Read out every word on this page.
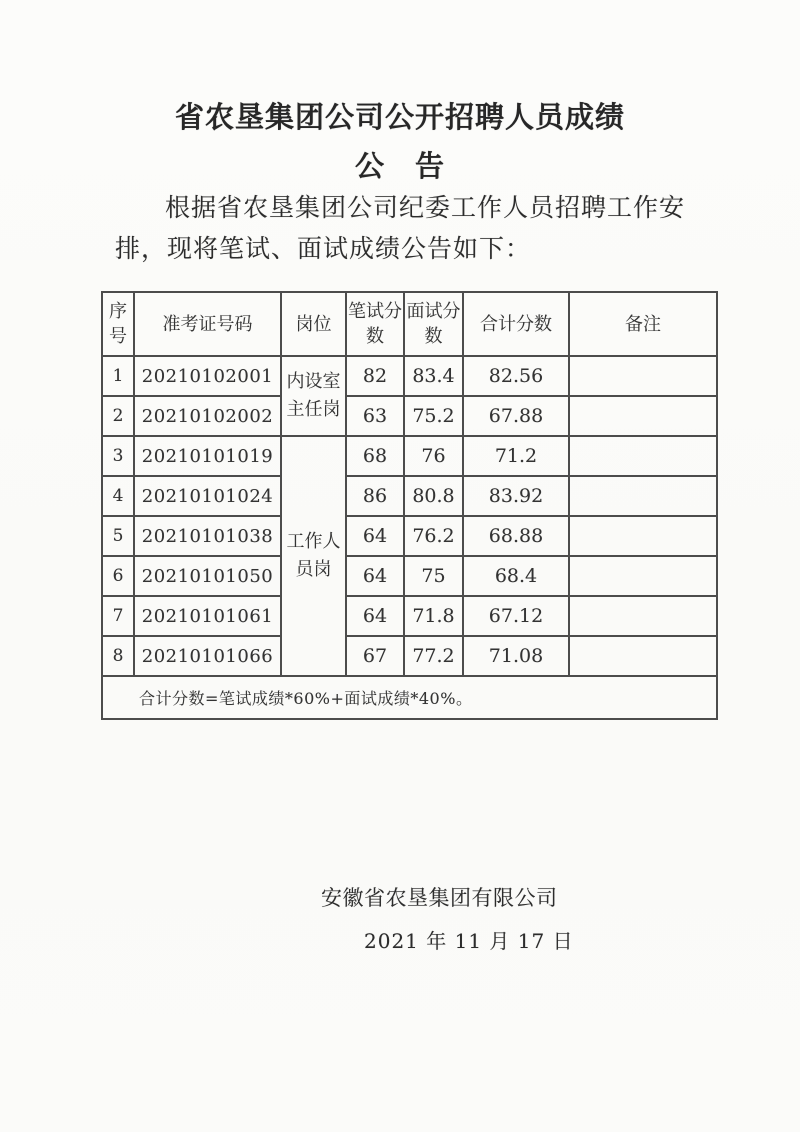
省农垦集团公司公开招聘人员成绩
公　告
根据省农垦集团公司纪委工作人员招聘工作安
排，现将笔试、面试成绩公告如下：
序号	准考证号码	岗位	笔试分数	面试分数	合计分数	备注
1	20210102001	内设室主任岗	82	83.4	82.56	
2	20210102002		63	75.2	67.88	
3	20210101019	工作人员岗	68	76	71.2	
4	20210101024		86	80.8	83.92	
5	20210101038		64	76.2	68.88	
6	20210101050		64	75	68.4	
7	20210101061		64	71.8	67.12	
8	20210101066		67	77.2	71.08	
合计分数=笔试成绩*60%+面试成绩*40%。						
安徽省农垦集团有限公司
2021 年 11 月 17 日
